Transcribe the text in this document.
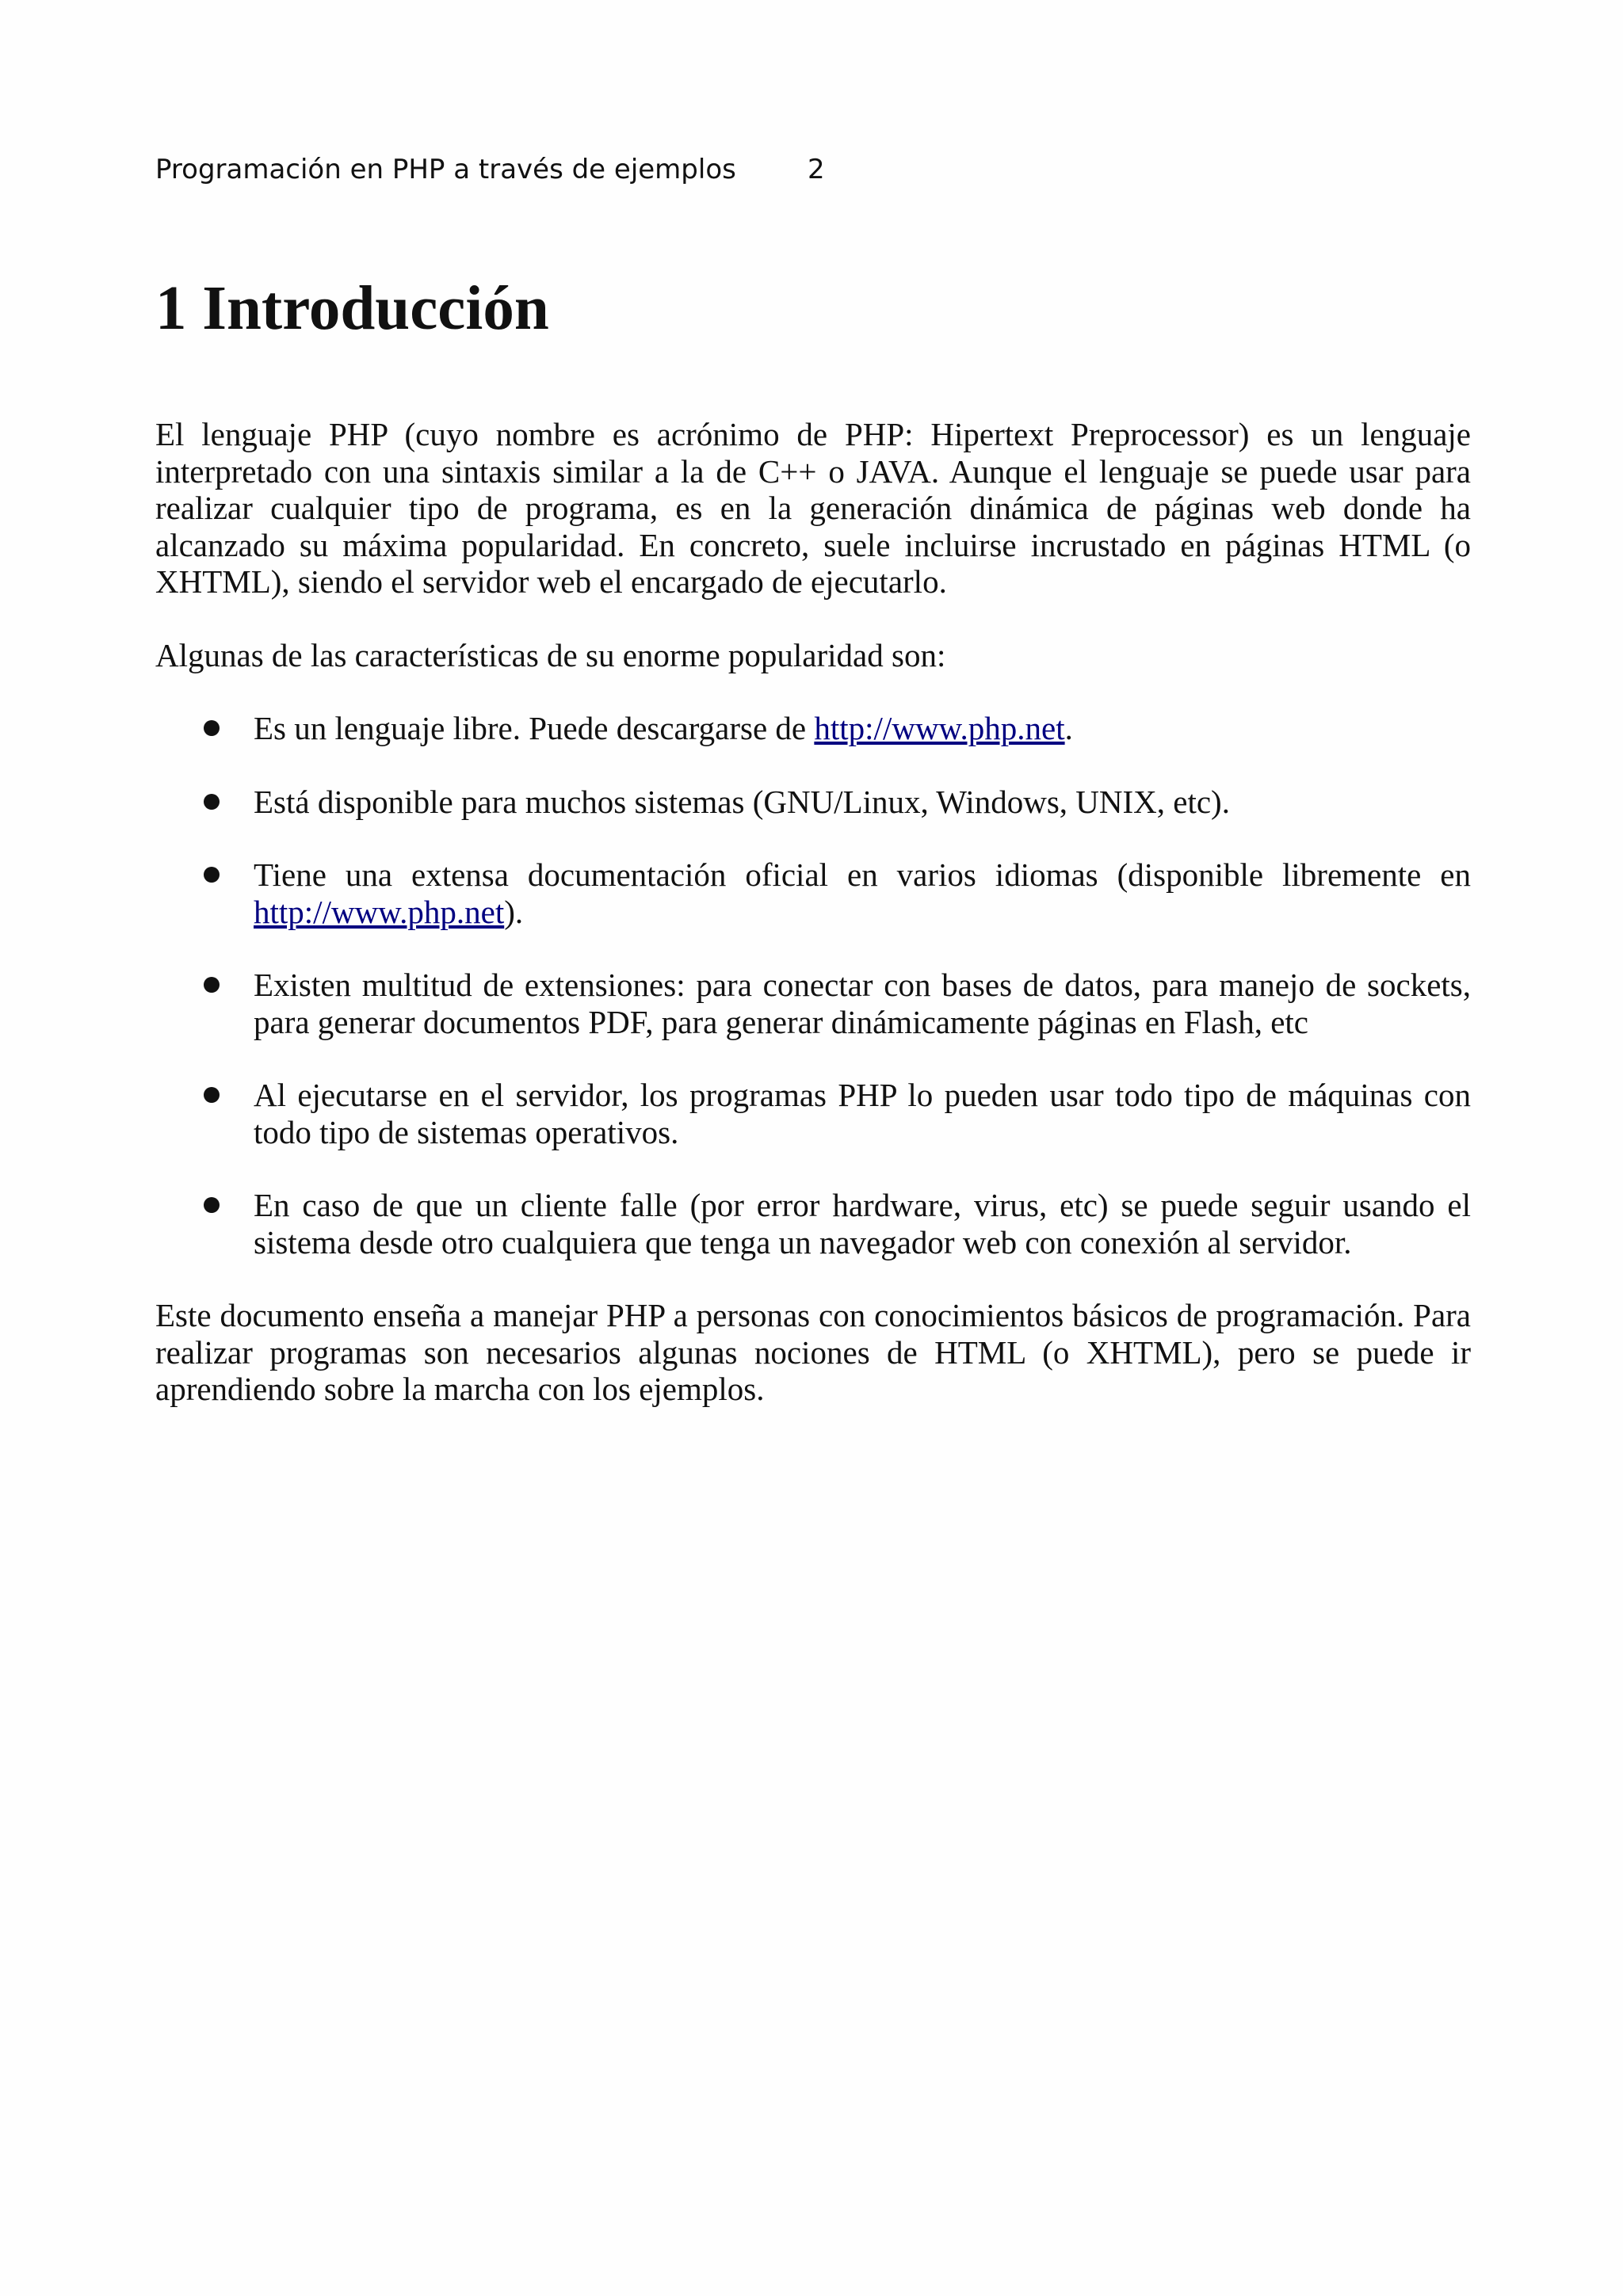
Programación en PHP a través de ejemplos	2
1 Introducción

El lenguaje PHP (cuyo nombre es acrónimo de PHP: Hipertext Preprocessor) es un lenguaje interpretado con una sintaxis similar a la de C++ o JAVA. Aunque el lenguaje se puede usar para realizar cualquier tipo de programa, es en la generación dinámica de páginas web donde ha alcanzado su máxima popularidad. En concreto, suele incluirse incrustado en páginas HTML (o XHTML), siendo el servidor web el encargado de ejecutarlo.

Algunas de las características de su enorme popularidad son:

Es un lenguaje libre. Puede descargarse de http://www.php.net.
Está disponible para muchos sistemas (GNU/Linux, Windows, UNIX, etc).
Tiene una extensa documentación oficial en varios idiomas (disponible libremente en http://www.php.net).
Existen multitud de extensiones: para conectar con bases de datos, para manejo de sockets, para generar documentos PDF, para generar dinámicamente páginas en Flash, etc
Al ejecutarse en el servidor, los programas PHP lo pueden usar todo tipo de máquinas con todo tipo de sistemas operativos.
En caso de que un cliente falle (por error hardware, virus, etc) se puede seguir usando el sistema desde otro cualquiera que tenga un navegador web con conexión al servidor.

Este documento enseña a manejar PHP a personas con conocimientos básicos de programación. Para realizar programas son necesarios algunas nociones de HTML (o XHTML), pero se puede ir aprendiendo sobre la marcha con los ejemplos.
